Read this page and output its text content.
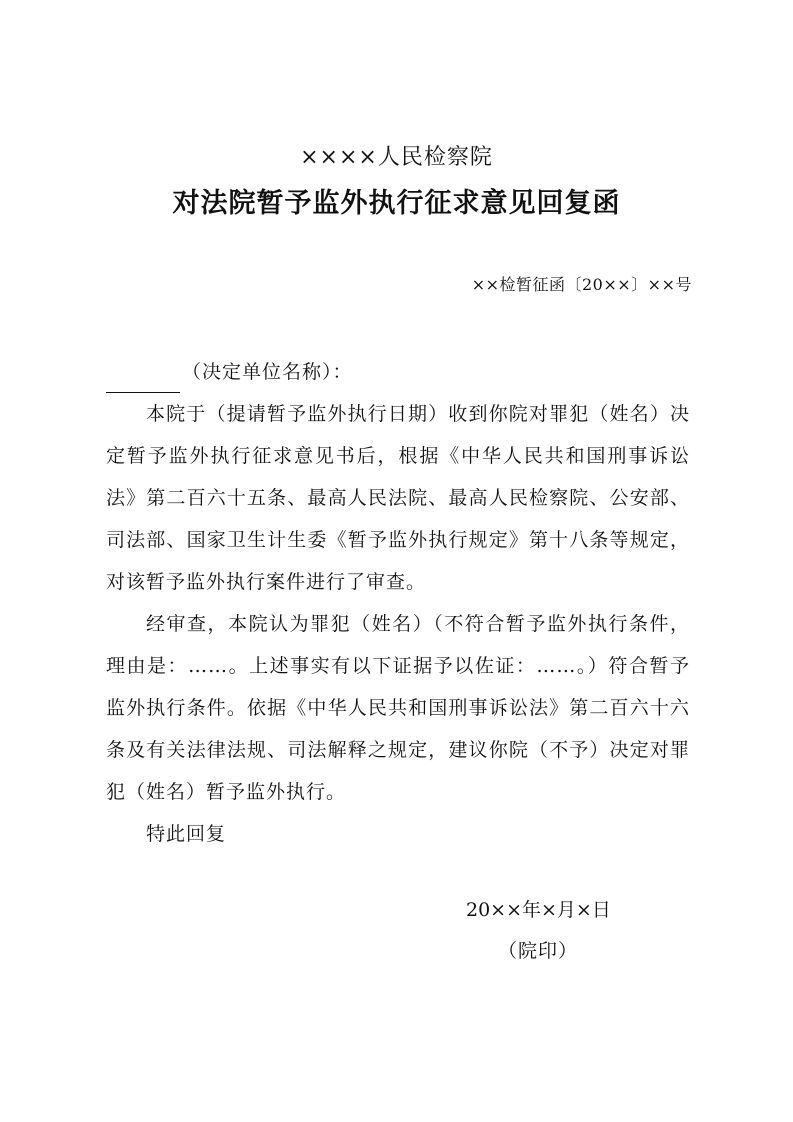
××××人民检察院
对法院暂予监外执行征求意见回复函
××检暂征函〔20××〕××号
（决定单位名称）：
本院于（提请暂予监外执行日期）收到你院对罪犯（姓名）决定暂予监外执行征求意见书后，根据《中华人民共和国刑事诉讼法》第二百六十五条、最高人民法院、最高人民检察院、公安部、司法部、国家卫生计生委《暂予监外执行规定》第十八条等规定，对该暂予监外执行案件进行了审查。
经审查，本院认为罪犯（姓名）（不符合暂予监外执行条件，理由是：……。上述事实有以下证据予以佐证：……。）符合暂予监外执行条件。依据《中华人民共和国刑事诉讼法》第二百六十六条及有关法律法规、司法解释之规定，建议你院（不予）决定对罪犯（姓名）暂予监外执行。
特此回复
20××年×月×日
（院印）
